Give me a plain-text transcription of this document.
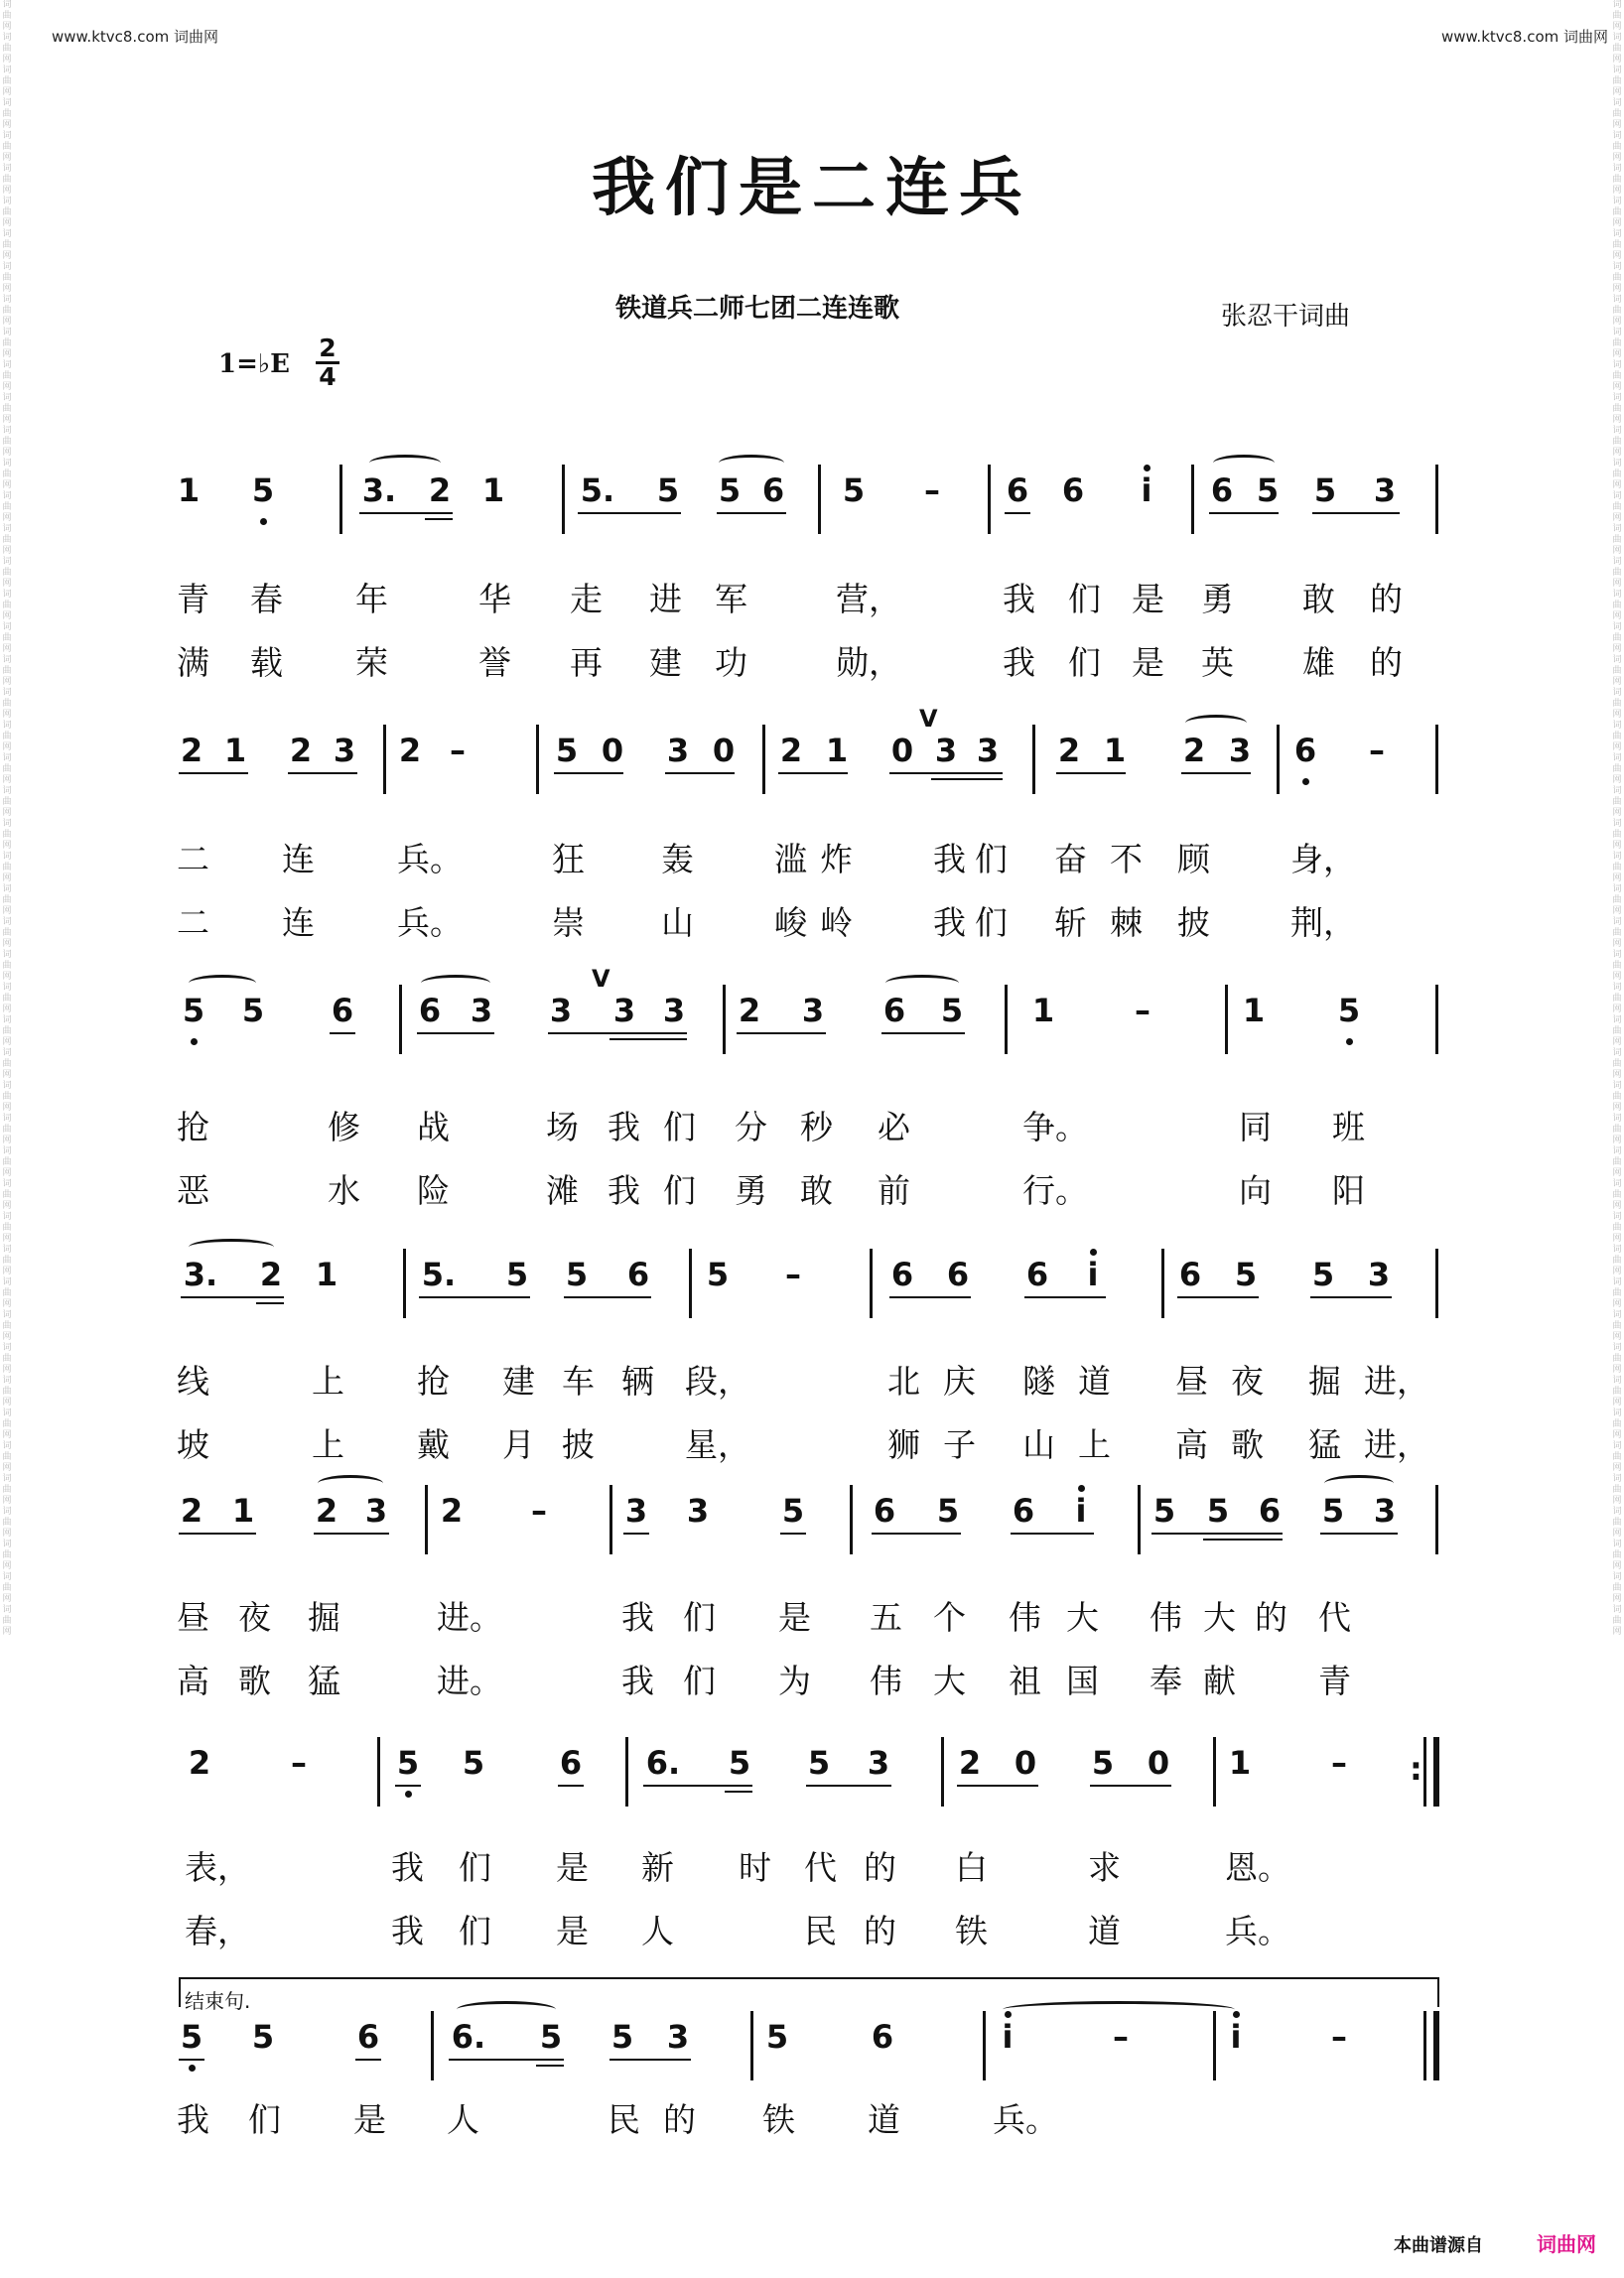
www.ktvc8.com 词曲网	www.ktvc8.com 词曲网
词曲网词曲网词曲网词曲网词曲网词曲网词曲网词曲网词曲网词曲网词曲网词曲网词曲网词曲网词曲网词曲网词曲网词曲网词曲网词曲网词曲网词曲网词曲网词曲网词曲网词曲网词曲网词曲网词曲网词曲网词曲网词曲网词曲网词曲网词曲网词曲网词曲网词曲网词曲网词曲网词曲网词曲网词曲网词曲网词曲网词曲网词曲网词曲网词曲网词曲网
词曲网词曲网词曲网词曲网词曲网词曲网词曲网词曲网词曲网词曲网词曲网词曲网词曲网词曲网词曲网词曲网词曲网词曲网词曲网词曲网词曲网词曲网词曲网词曲网词曲网词曲网词曲网词曲网词曲网词曲网词曲网词曲网词曲网词曲网词曲网词曲网词曲网词曲网词曲网词曲网词曲网词曲网词曲网词曲网词曲网词曲网词曲网词曲网词曲网词曲网
我们是二连兵
铁道兵二师七团二连连歌	张忍干词曲
1=♭E $\frac{2}{4}$
1 5	3. 2 1 5. 5 5 6 5 – 6 6 i 6 5 5 3
青 春 年	华 走 进 军	营，	我 们 是 勇 敢 的
满 载 荣	誉 再 建 功	勋，	我 们 是 英 雄 的
2 1 2 3 2 –	5 0 3 0 2 1 0
V
3 3 2 1 2 3 6 –
二 连	兵。	狂 轰 滥 炸 我 们 奋 不 顾 身，
二 连	兵。	崇 山 峻 岭 我 们 斩 棘 披 荆，
5 5 6 6 3 3
V
3 3 2 3 6 5 1	–	1 5
抢	修 战	场 我 们 分 秒 必	争。	同 班
恶	水 险	滩 我 们 勇 敢 前	行。	向 阳
3. 2 1	5. 5 5 6 5 –	6 6 6 i	6 5 5 3
线	上 抢 建 车 辆 段，	北 庆 隧 道 昼 夜 掘 进，
坡	上 戴 月 披	星，	狮 子 山 上 高 歌 猛 进，
2 1 2 3 2 – 3 3 5 6 5 6 i 5 5 6 5 3
昼 夜 掘	进。	我 们 是 五 个 伟 大 伟 大 的 代
高 歌 猛	进。	我 们 为 伟 大 祖 国 奉 献	青
2	–	5 5 6 6. 5 5 3 2 0 5 0 1	– :
表，	我 们 是 新 时 代 的 白	求	恩。
春，	我 们 是 人	民 的 铁	道	兵。
结束句.
5 5	6 6. 5 5 3 5	6	i	–	i	–
我 们 是 人	民 的 铁 道	兵。
本曲谱源自	词曲网
